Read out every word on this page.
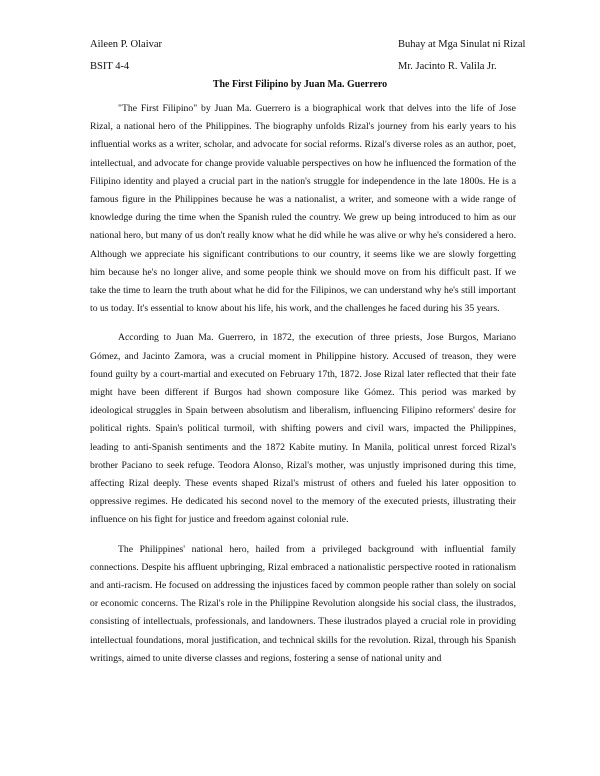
Aileen P. Olaivar
BSIT 4-4
Buhay at Mga Sinulat ni Rizal
Mr. Jacinto R. Valila Jr.
The First Filipino by Juan Ma. Guerrero

"The First Filipino" by Juan Ma. Guerrero is a biographical work that delves into the life of Jose Rizal, a national hero of the Philippines. The biography unfolds Rizal's journey from his early years to his influential works as a writer, scholar, and advocate for social reforms. Rizal's diverse roles as an author, poet, intellectual, and advocate for change provide valuable perspectives on how he influenced the formation of the Filipino identity and played a crucial part in the nation's struggle for independence in the late 1800s. He is a famous figure in the Philippines because he was a nationalist, a writer, and someone with a wide range of knowledge during the time when the Spanish ruled the country. We grew up being introduced to him as our national hero, but many of us don't really know what he did while he was alive or why he's considered a hero. Although we appreciate his significant contributions to our country, it seems like we are slowly forgetting him because he's no longer alive, and some people think we should move on from his difficult past. If we take the time to learn the truth about what he did for the Filipinos, we can understand why he's still important to us today. It's essential to know about his life, his work, and the challenges he faced during his 35 years.

According to Juan Ma. Guerrero, in 1872, the execution of three priests, Jose Burgos, Mariano Gómez, and Jacinto Zamora, was a crucial moment in Philippine history. Accused of treason, they were found guilty by a court-martial and executed on February 17th, 1872. Jose Rizal later reflected that their fate might have been different if Burgos had shown composure like Gómez. This period was marked by ideological struggles in Spain between absolutism and liberalism, influencing Filipino reformers' desire for political rights. Spain's political turmoil, with shifting powers and civil wars, impacted the Philippines, leading to anti-Spanish sentiments and the 1872 Kabite mutiny. In Manila, political unrest forced Rizal's brother Paciano to seek refuge. Teodora Alonso, Rizal's mother, was unjustly imprisoned during this time, affecting Rizal deeply. These events shaped Rizal's mistrust of others and fueled his later opposition to oppressive regimes. He dedicated his second novel to the memory of the executed priests, illustrating their influence on his fight for justice and freedom against colonial rule.

The Philippines' national hero, hailed from a privileged background with influential family connections. Despite his affluent upbringing, Rizal embraced a nationalistic perspective rooted in rationalism and anti-racism. He focused on addressing the injustices faced by common people rather than solely on social or economic concerns. The Rizal's role in the Philippine Revolution alongside his social class, the ilustrados, consisting of intellectuals, professionals, and landowners. These ilustrados played a crucial role in providing intellectual foundations, moral justification, and technical skills for the revolution. Rizal, through his Spanish writings, aimed to unite diverse classes and regions, fostering a sense of national unity and
